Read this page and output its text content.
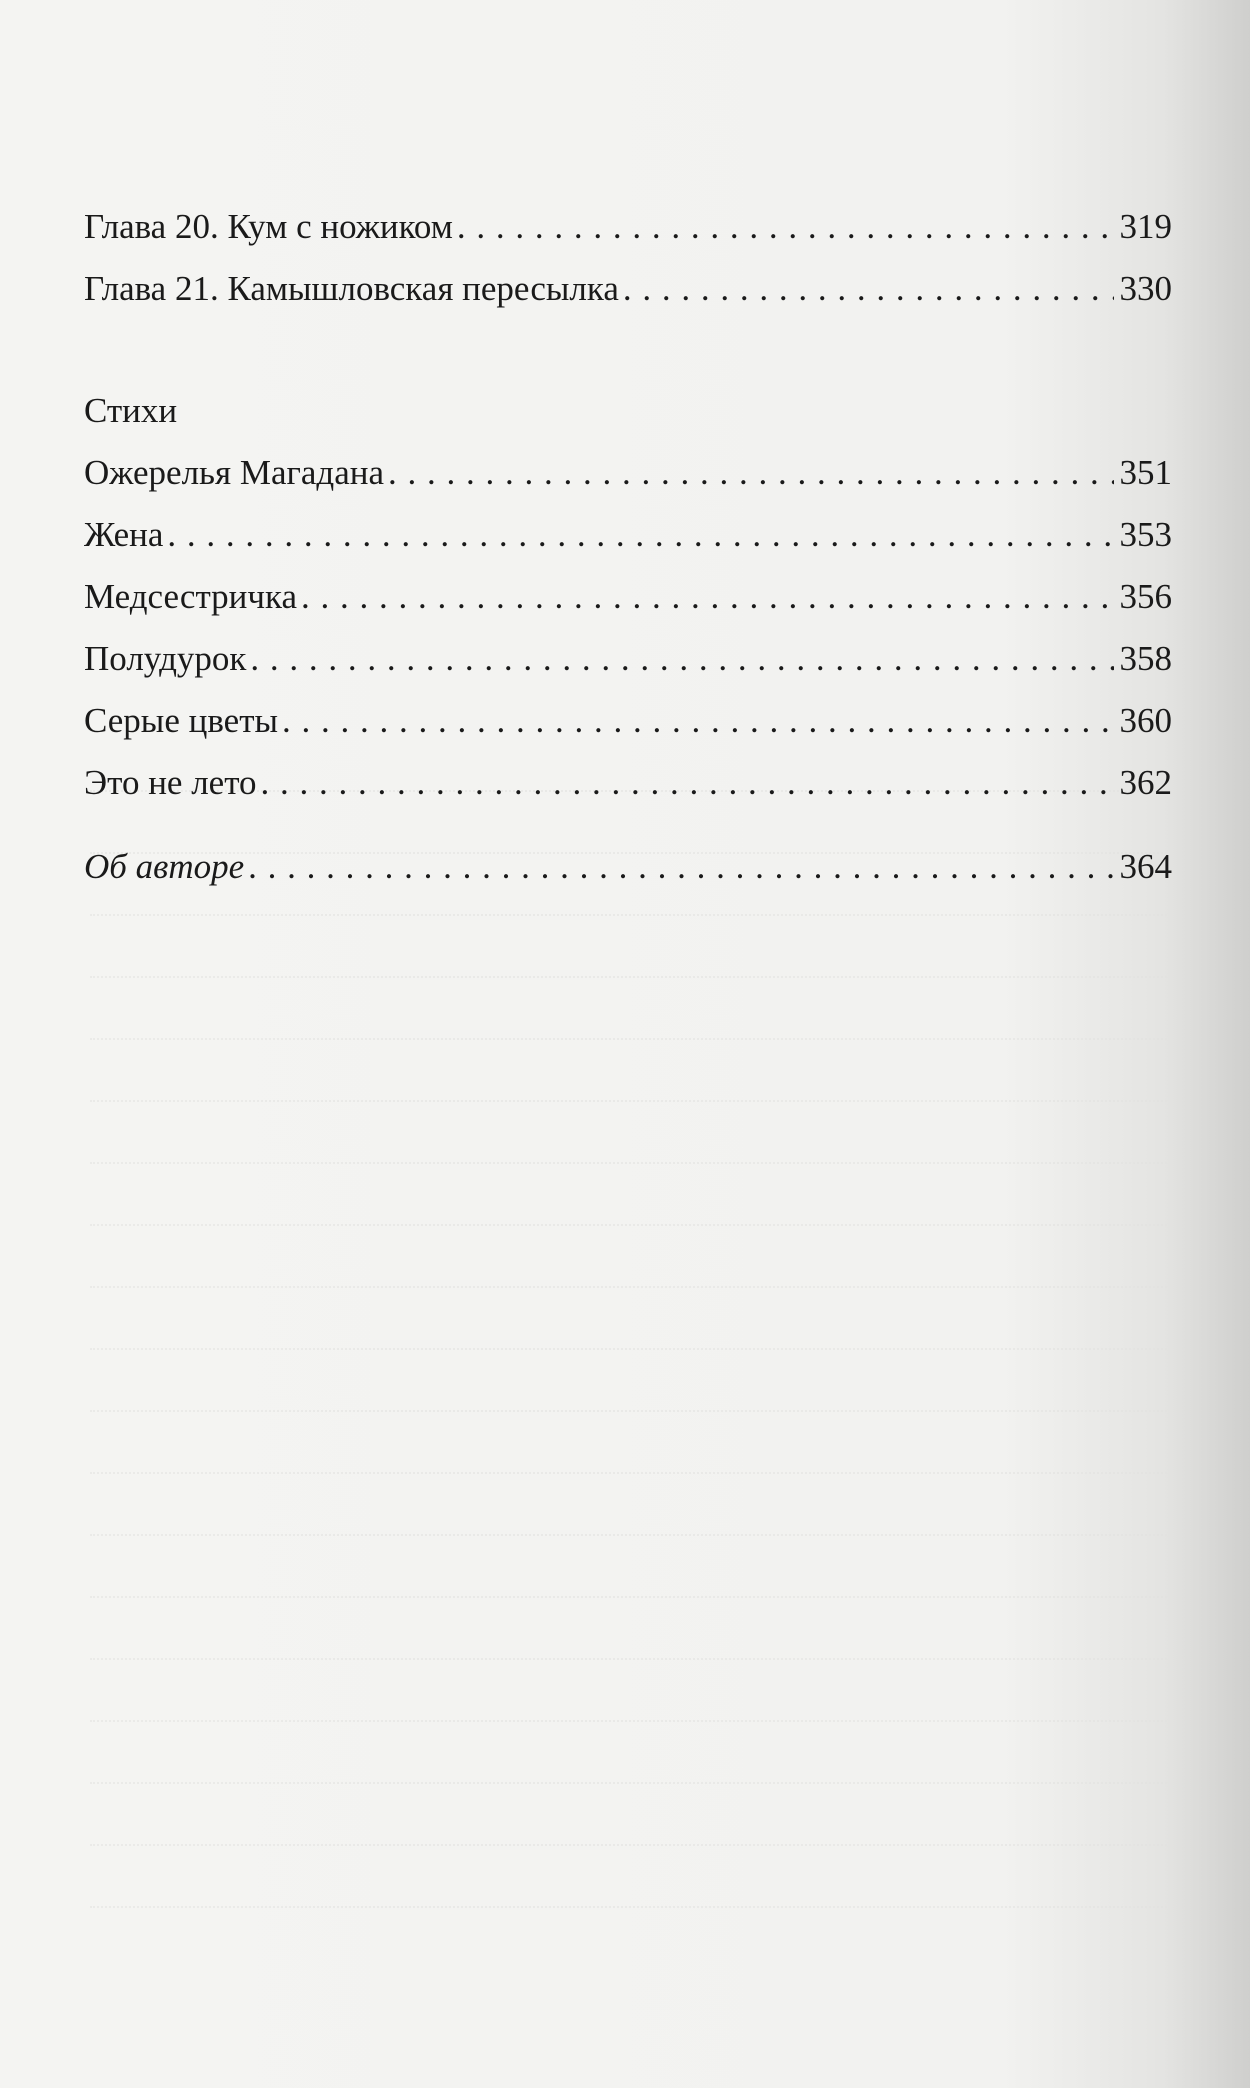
Глава 20. Кум с ножиком . . .	319
Глава 21. Камышловская пересылка . . .	330
Стихи
Ожерелья Магадана . . .	351
Жена . . .	353
Медсестричка . . .	356
Полудурок . . .	358
Серые цветы . . .	360
Это не лето . . .	362
Об авторе . . .	364
